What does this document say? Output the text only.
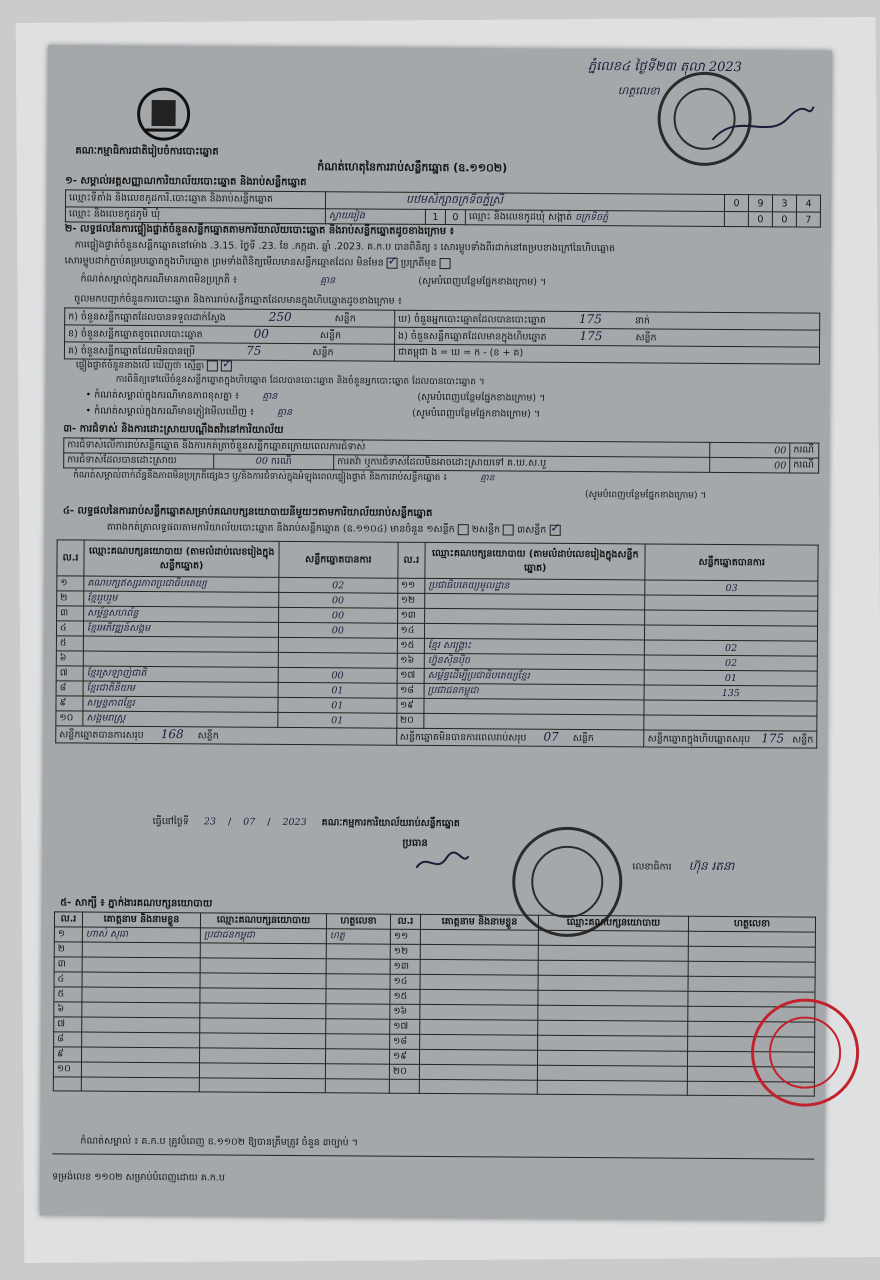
ភ្នំលេខ៤ ថ្ងៃទី២៣ តុលា 2023
ហត្ថលេខា
គណៈកម្មាធិការជាតិរៀបចំការបោះឆ្នោត
កំណត់ហេតុនៃការរាប់សន្លឹកឆ្នោត (ឧ.១១០២)
១- សម្គាល់អត្តសញ្ញាណការិយាល័យបោះឆ្នោត និងរាប់សន្លឹកឆ្នោត
ឈ្មោះទីតាំង និងលេខកូដការិ.បោះឆ្នោត និងរាប់សន្លឹកឆ្នោត	បឋមសិក្សាចក្រទិចភ្នំស្រី				0	9	3	4
ឈ្មោះ និងលេខកូដភូមិ ឃុំ	ស្វាយរៀង	1	0	ឈ្មោះ និងលេខកូដឃុំ សង្កាត់ ចក្រទិចភ្នំ		0	0	7
២- លទ្ធផលនៃការផ្ទៀងផ្ទាត់ចំនួនសន្លឹកឆ្នោតតាមការិយាល័យបោះឆ្នោត និងរាប់សន្លឹកឆ្នោតដូចខាងក្រោម ៖
ការផ្ទៀងផ្ទាត់ចំនួនសន្លឹកឆ្នោតនៅម៉ោង .3.15. ថ្ងៃទី .23. ខែ .កក្កដា. ឆ្នាំ .2023. គ.ក.ប បានពិនិត្យ ៖ សោរម្ហូបទាំងពីរដាក់នៅគម្របខាងក្រៅនៃហិបឆ្នោត
សោរម្ហូបដាក់ភ្ជាប់គម្របឆ្នោតក្នុងហិបឆ្នោត ព្រមទាំងពិនិត្យមើលមានសន្លឹកឆ្នោតដែល មិនមែន ✓ ប្រក្រតីមុខ
កំណត់សម្គាល់ក្នុងករណីមានភាពមិនប្រក្រតី ៖	គ្មាន	(សូមបំពេញបន្ថែមផ្នែកខាងក្រោម) ។
ចូលមកបញ្ជាក់ចំនួនការបោះឆ្នោត និងការរាប់សន្លឹកឆ្នោតដែលមានក្នុងហិបឆ្នោតដូចខាងក្រោម ៖
ក) ចំនួនសន្លឹកឆ្នោតដែលបានទទួលដាក់ស្លែង 250 សន្លឹក	ឃ) ចំនួនអ្នកបោះឆ្នោតដែលបានបោះឆ្នោត 175 នាក់
ខ) ចំនួនសន្លឹកឆ្នោតខូចពេលបោះឆ្នោត 00 សន្លឹក	ង) ចំនួនសន្លឹកឆ្នោតដែលមានក្នុងហិបឆ្នោត 175 សន្លឹក
គ) ចំនួនសន្លឹកឆ្នោតដែលមិនបានប្រើ 75 សន្លឹក	ជាគម្ពុជា ង = ឃ = ក - (ខ + គ)
ផ្ទៀងផ្ទាត់ចំនួនខាងលើ ឃើញថា ស្មើគ្នា  ✓
ការពិនិត្យទៅលើចំនួនសន្លឹកឆ្នោតក្នុងហិបឆ្នោត ដែលបានបោះឆ្នោត និងចំនួនអ្នកបោះឆ្នោត ដែលបានបោះឆ្នោត ។
• កំណត់សម្គាល់ក្នុងករណីមានភាពខុសគ្នា ៖ គ្មាន	(សូមបំពេញបន្ថែមផ្នែកខាងក្រោម) ។
• កំណត់សម្គាល់ក្នុងករណីមានភ្ញៀវមើលឃើញ ៖ គ្មាន	(សូមបំពេញបន្ថែមផ្នែកខាងក្រោម) ។
៣- ការជំទាស់ និងការដោះស្រាយបណ្ដឹងតវ៉ានៅការិយាល័យ
ការជំទាស់លើការរាប់សន្លឹកឆ្នោត និងការកត់ត្រាចំនួនសន្លឹកឆ្នោតក្រោយពេលការជំទាស់			00	ករណី
ការជំទាស់ដែលបានដោះស្រាយ	00 ករណី	ការតវ៉ា ឬការជំទាស់ដែលមិនអាចដោះស្រាយទៅ គ.ឃ.ស.បួ	00	ករណី
កំណត់សម្គាល់ពាក់ព័ន្ធនឹងភាពមិនប្រក្រតីផ្សេងៗ ឬ/និងការជំទាស់ក្នុងអំឡុងពេលផ្ទៀងផ្ទាត់ និងការរាប់សន្លឹកឆ្នោត ៖	គ្មាន
(សូមបំពេញបន្ថែមផ្នែកខាងក្រោម) ។
៤- លទ្ធផលនៃការរាប់សន្លឹកឆ្នោតសម្រាប់គណបក្សនយោបាយនីមួយៗតាមការិយាល័យរាប់សន្លឹកឆ្នោត
តារាងកត់ត្រាលទ្ធផលតាមការិយាល័យបោះឆ្នោត និងរាប់សន្លឹកឆ្នោត (ឧ.១១០៤) មានចំនួន ១សន្លឹក ២សន្លឹក ៣សន្លឹក ✓
ល.រ	ឈ្មោះគណបក្សនយោបាយ (តាមលំដាប់លេខរៀងក្នុងសន្លឹកឆ្នោត)	សន្លឹកឆ្នោតបានការ	ល.រ	ឈ្មោះគណបក្សនយោបាយ (តាមលំដាប់លេខរៀងក្នុងសន្លឹកឆ្នោត)	សន្លឹកឆ្នោតបានការ
១	គណបក្សឥស្សរភាពប្រជាធិបតេយ្យ	02	១១	ប្រជាធិបតេយ្យមូលដ្ឋាន	03
២	ខ្មែររួបរួម	00	១២		
៣	សម្ព័ន្ធសហព័ន្ធ	00	១៣		
៤	ខ្មែរអភិវឌ្ឍន៍សង្គម	00	១៤		
៥			១៥	ខ្មែរ សង្គ្រោះ	02
៦			១៦	ហ្វ៊ុនស៊ិនប៉ិច	02
៧	ខ្មែរស្រឡាញ់ជាតិ	00	១៧	សម្ព័ន្ធដើម្បីប្រជាធិបតេយ្យខ្មែរ	01
៨	ខ្មែរជាតិនិយម	01	១៨	ប្រជាជនកម្ពុជា	135
៩	សម្ពន្ធភាពខ្មែរ	01	១៩		
១០	សង្គមរាស្ត្រ	01	២០		
សន្លឹកឆ្នោតបានការសរុប 168 សន្លឹក			សន្លឹកឆ្នោតមិនបានការពេលរាប់សរុប 07 សន្លឹក		សន្លឹកឆ្នោតក្នុងហិបឆ្នោតសរុប 175 សន្លឹក
ធ្វើនៅថ្ងៃទី 23 / 07 / 2023 គណៈកម្មការការិយាល័យរាប់សន្លឹកឆ្នោត
ប្រធាន
លេខាធិការ ហ៊ុន រតនា
៥- សាក្សី ៖ ភ្នាក់ងារគណបក្សនយោបាយ
ល.រ	គោត្តនាម និងនាមខ្លួន	ឈ្មោះគណបក្សនយោបាយ	ហត្ថលេខា	ល.រ	គោត្តនាម និងនាមខ្លួន	ឈ្មោះគណបក្សនយោបាយ	ហត្ថលេខា
១	ហាស់ សុធា	ប្រជាជនកម្ពុជា	ហត្ថ	១១			
២				១២			
៣				១៣			
៤				១៤			
៥				១៥			
៦				១៦			
៧				១៧			
៨				១៨			
៩				១៩			
១០				២០			

កំណត់សម្គាល់ ៖ គ.ក.ប ត្រូវបំពេញ ឧ.១១០២ ឱ្យបានត្រឹមត្រូវ ចំនួន ៣ច្បាប់ ។
ទម្រង់លេខ ១១០២ សម្រាប់បំពេញដោយ គ.ក.ប
